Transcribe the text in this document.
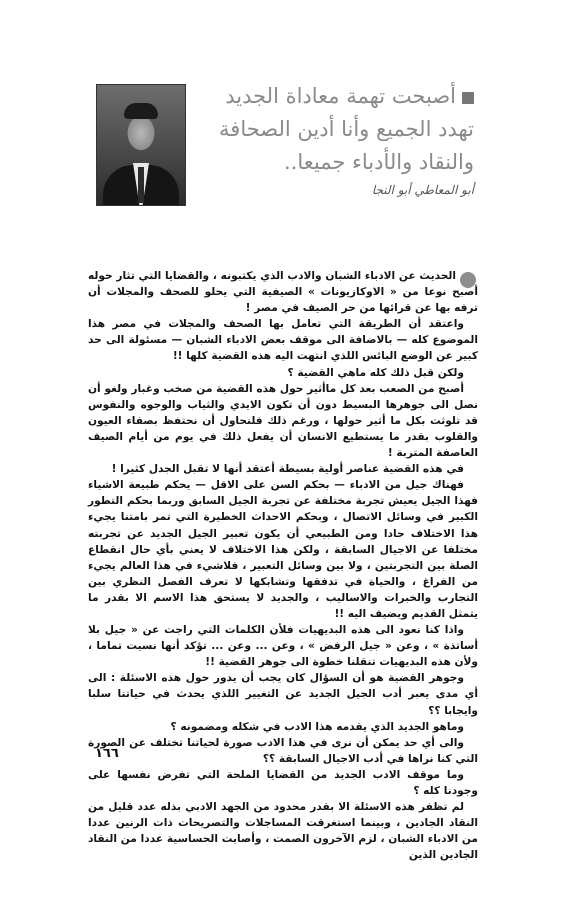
أصبحت تهمة معاداة الجديد
تهدد الجميع وأنا أدين الصحافة
والنقاد والأدباء جميعا..
أبو المعاطي أبو النجا

الحديث عن الادباء الشبان والادب الذي يكتبونه ، والقضايا التي تثار حوله أصبح نوعا من « الاوكازيونات » الصيفية التي يحلو للصحف والمجلات أن ترفه بها عن قرائها من حر الصيف في مصر !

واعتقد أن الطريقة التي تعامل بها الصحف والمجلات في مصر هذا الموضوع كله — بالاضافة الى موقف بعض الادباء الشبان — مسئولة الى حد كبير عن الوضع البائس اللذي انتهت اليه هذه القضية كلها !!

ولكن قبل ذلك كله ماهي القضية ؟

أصبح من الصعب بعد كل ماأثير حول هذه القضية من صخب وغبار ولغو أن نصل الى جوهرها البسيط دون أن تكون الايدي والثياب والوجوه والنفوس قد تلوثت بكل ما أثير حولها ، ورغم ذلك فلنحاول أن نحتفظ بصفاء العيون والقلوب بقدر ما يستطيع الانسان أن يفعل ذلك في يوم من أيام الصيف العاصفة المتربة !

في هذه القضية عناصر أولية بسيطة أعتقد أنها لا تقبل الجدل كثيرا !

فهناك جيل من الادباء — بحكم السن على الاقل — يحكم طبيعة الاشياء فهذا الجيل يعيش تجربة مختلفة عن تجربة الجيل السابق وربما بحكم التطور الكبير في وسائل الاتصال ، وبحكم الاحداث الخطيرة التي تمر بامتنا يجيء هذا الاختلاف حادا ومن الطبيعي أن يكون تعبير الجيل الجديد عن تجربته مختلفا عن الاجيال السابقة ، ولكن هذا الاختلاف لا يعني بأي حال انقطاع الصلة بين التجربتين ، ولا بين وسائل التعبير ، فلاشيء في هذا العالم يجيء من الفراغ ، والحياة في تدفقها وتشابكها لا تعرف الفصل النظري بين التجارب والخبرات والاساليب ، والجديد لا يستحق هذا الاسم الا بقدر ما يتمثل القديم ويضيف اليه !!

واذا كنا نعود الى هذه البديهيات فلأن الكلمات التي راجت عن « جيل بلا أساتذة » ، وعن « جيل الرفض » ، وعن ... وعن ... تؤكد أنها نسيت تماما ، ولأن هذه البديهيات تنقلنا خطوة الى جوهر القضية !!

وجوهر القضية هو أن السؤال كان يجب أن يدور حول هذه الاسئلة : الى أي مدى يعبر أدب الجيل الجديد عن التغيير اللذي يحدث في حياتنا سلبا وايجابا ؟؟

وماهو الجديد الذي يقدمه هذا الادب في شكله ومضمونه ؟

والى أي حد يمكن أن نرى في هذا الادب صورة لحياتنا تختلف عن الصورة التي كنا نراها في أدب الاجيال السابقة ؟؟

وما موقف الادب الجديد من القضايا الملحة التي تفرض نفسها على وجودنا كله ؟

لم تظفر هذه الاسئلة الا بقدر محدود من الجهد الادبي بذله عدد قليل من النقاد الجادين ، وبينما استغرقت المساجلات والتصريحات ذات الرنين عددا من الادباء الشبان ، لزم الآخرون الصمت ، وأصابت الحساسية عددا من النقاد الجادين الذين

١٦٦
